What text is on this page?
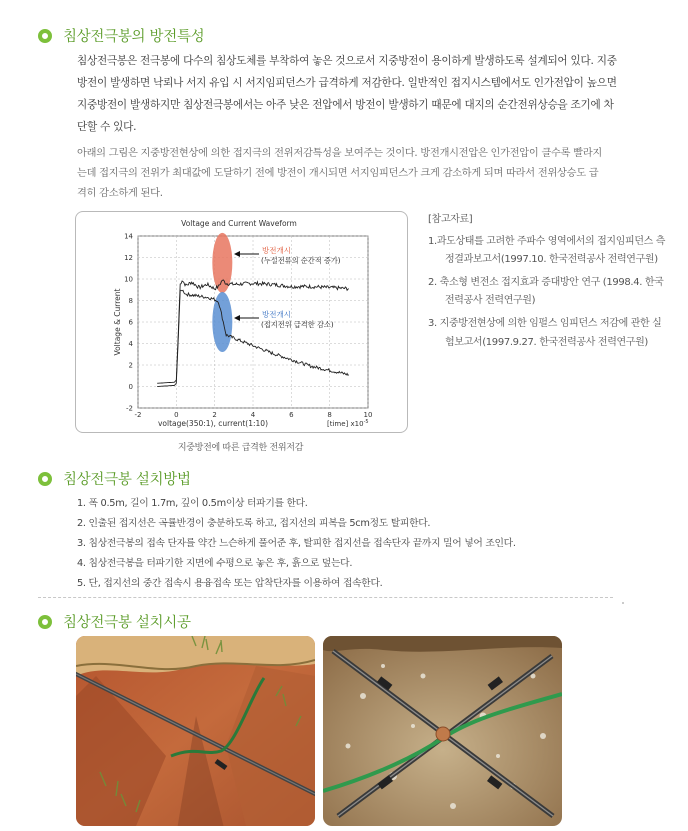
침상전극봉의 방전특성
침상전극봉은 전극봉에 다수의 침상도체를 부착하여 놓은 것으로서 지중방전이 용이하게 발생하도록 설계되어 있다. 지중
방전이 발생하면 낙뢰나 서지 유입 시 서지임피던스가 급격하게 저감한다. 일반적인 접지시스템에서도 인가전압이 높으면
지중방전이 발생하지만 침상전극봉에서는 아주 낮은 전압에서 방전이 발생하기 때문에 대지의 순간전위상승을 조기에 차
단할 수 있다.
아래의 그림은 지중방전현상에 의한 접지극의 전위저감특성을 보여주는 것이다. 방전개시전압은 인가전압이 클수록 빨라지
는데 접지극의 전위가 최대값에 도달하기 전에 방전이 개시되면 서지임피던스가 크게 감소하게 되며 따라서 전위상승도 급
격히 감소하게 된다.
Voltage and Current Waveform
-2
0
2
4
6
8
10
12
14
-2	0	2	4	6	8	10
방전개시
(누설전류의 순간적 증가)
방전개시
(접지전위 급격한 감소)
Voltage & Current
voltage(350:1), current(1:10)	[time] $x10^{-5}$
지중방전에 따른 급격한 전위저감
[참고자료]
1.과도상태를 고려한 주파수 영역에서의 접지임피던스 측정결과보고서(1997.10. 한국전력공사 전력연구원)
2. 축소형 변전소 접지효과 증대방안 연구 (1998.4. 한국전력공사 전력연구원)
3. 지중방전현상에 의한 임펄스 임피던스 저감에 관한 실험보고서(1997.9.27. 한국전력공사 전력연구원)
침상전극봉 설치방법
1. 폭 0.5m, 길이 1.7m, 깊이 0.5m이상 터파기를 한다.
2. 인출된 접지선은 곡률반경이 충분하도록 하고, 접지선의 피복을 5cm정도 탈피한다.
3. 침상전극봉의 접속 단자를 약간 느슨하게 풀어준 후, 탈피한 접지선을 접속단자 끝까지 밀어 넣어 조인다.
4. 침상전극봉을 터파기한 지면에 수평으로 놓은 후, 흙으로 덮는다.
5. 단, 접지선의 중간 접속시 용융접속 또는 압착단자를 이용하여 접속한다.
침상전극봉 설치시공
